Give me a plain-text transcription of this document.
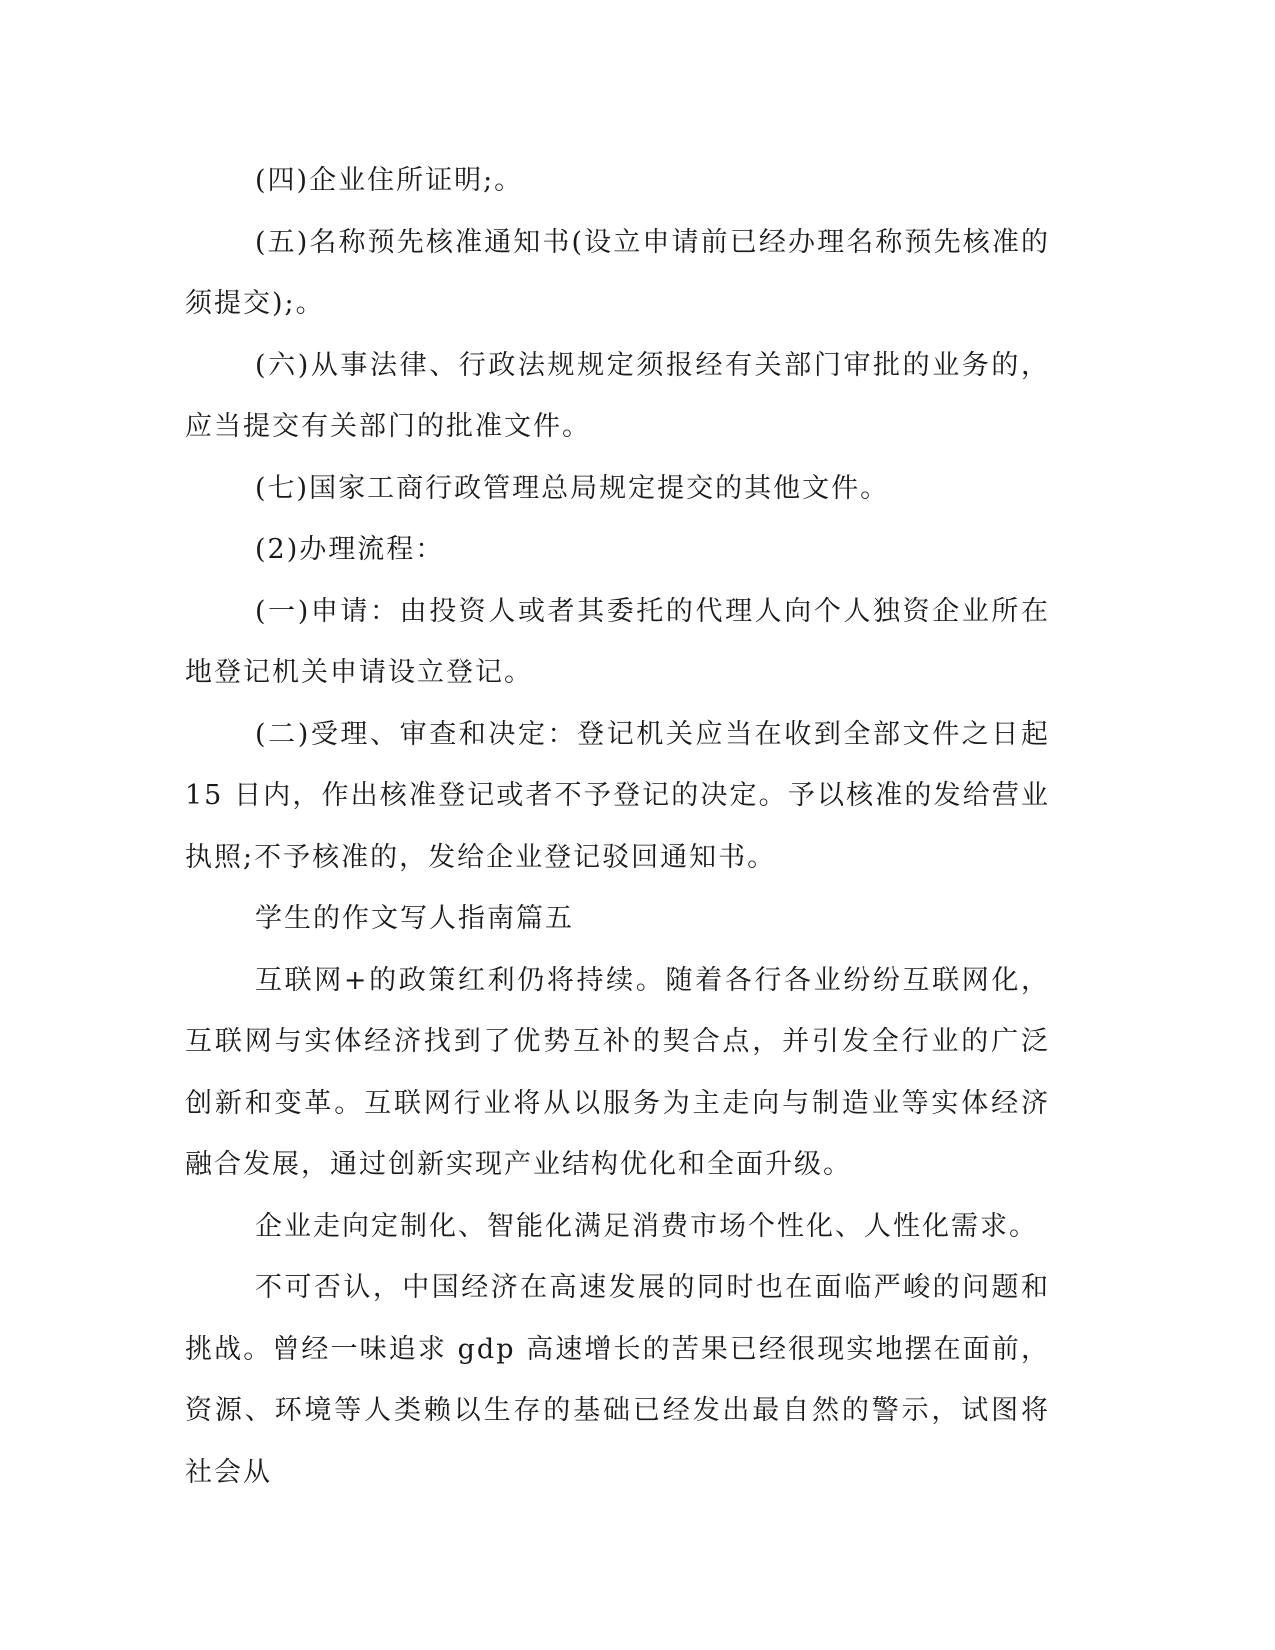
(四)企业住所证明;。

(五)名称预先核准通知书(设立申请前已经办理名称预先核准的须提交);。

(六)从事法律、行政法规规定须报经有关部门审批的业务的，应当提交有关部门的批准文件。

(七)国家工商行政管理总局规定提交的其他文件。

(2)办理流程：

(一)申请：由投资人或者其委托的代理人向个人独资企业所在地登记机关申请设立登记。

(二)受理、审查和决定：登记机关应当在收到全部文件之日起 15 日内，作出核准登记或者不予登记的决定。予以核准的发给营业执照;不予核准的，发给企业登记驳回通知书。

学生的作文写人指南篇五

互联网+的政策红利仍将持续。随着各行各业纷纷互联网化，互联网与实体经济找到了优势互补的契合点，并引发全行业的广泛创新和变革。互联网行业将从以服务为主走向与制造业等实体经济融合发展，通过创新实现产业结构优化和全面升级。

企业走向定制化、智能化满足消费市场个性化、人性化需求。

不可否认，中国经济在高速发展的同时也在面临严峻的问题和挑战。曾经一味追求 gdp 高速增长的苦果已经很现实地摆在面前，资源、环境等人类赖以生存的基础已经发出最自然的警示，试图将社会从
